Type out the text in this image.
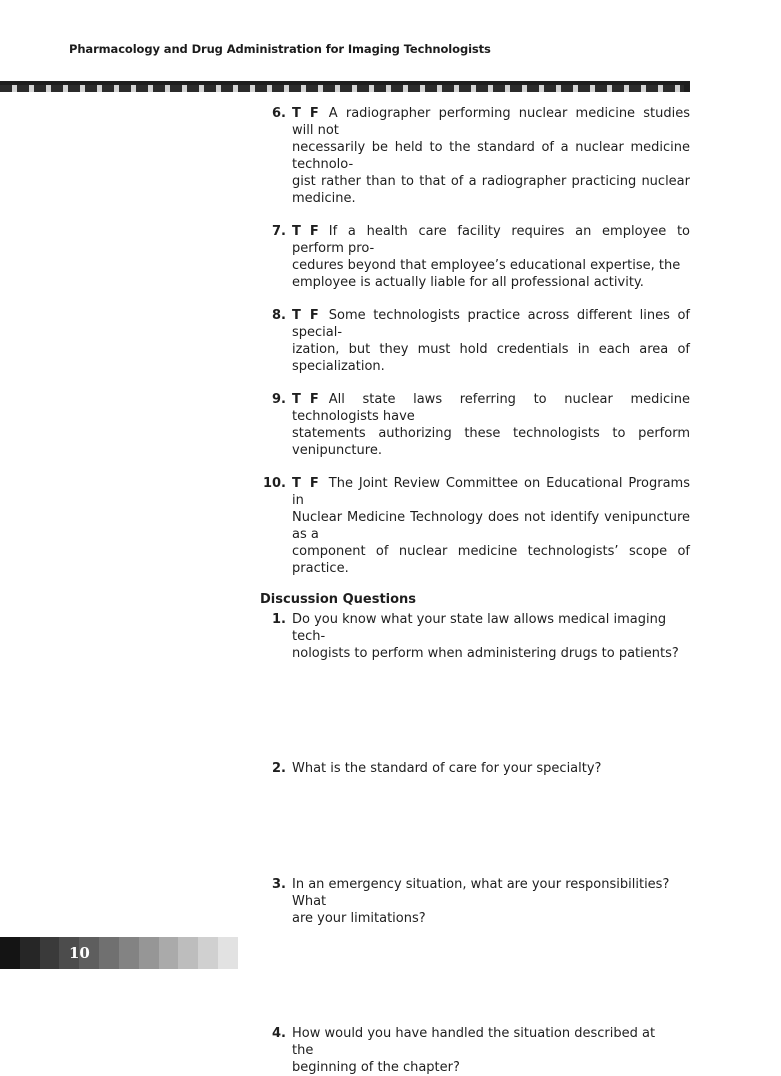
Pharmacology and Drug Administration for Imaging Technologists
6. T F A radiographer performing nuclear medicine studies will not
necessarily be held to the standard of a nuclear medicine technolo-
gist rather than to that of a radiographer practicing nuclear medicine.
7. T F If a health care facility requires an employee to perform pro-
cedures beyond that employee’s educational expertise, the
employee is actually liable for all professional activity.
8. T F Some technologists practice across different lines of special-
ization, but they must hold credentials in each area of specialization.
9. T F All state laws referring to nuclear medicine technologists have
statements authorizing these technologists to perform venipuncture.
10. T F The Joint Review Committee on Educational Programs in
Nuclear Medicine Technology does not identify venipuncture as a
component of nuclear medicine technologists’ scope of practice.
Discussion Questions
1. Do you know what your state law allows medical imaging tech-
nologists to perform when administering drugs to patients?
2. What is the standard of care for your specialty?
3. In an emergency situation, what are your responsibilities? What
are your limitations?
4. How would you have handled the situation described at the
beginning of the chapter?
10
